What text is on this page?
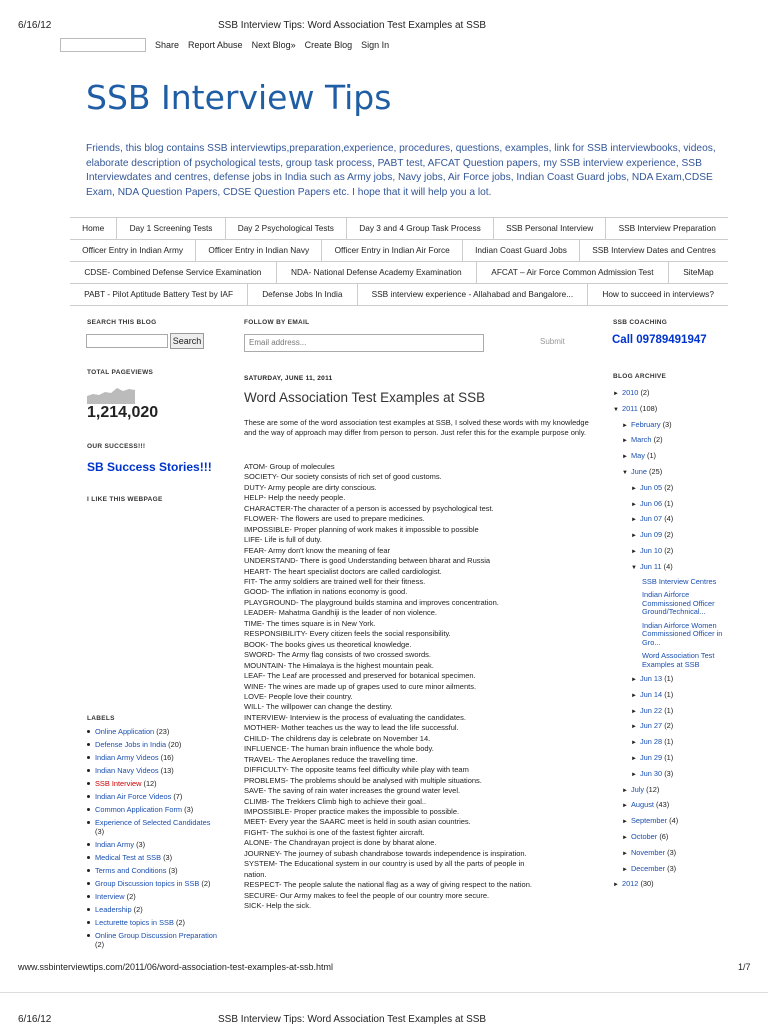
6/16/12	SSB Interview Tips: Word Association Test Examples at SSB
Share Report Abuse Next Blog» Create Blog Sign In
SSB Interview Tips
Friends, this blog contains SSB interviewtips,preparation,experience, procedures, questions, examples, link for SSB interviewbooks, videos, elaborate description of psychological tests, group task process, PABT test, AFCAT Question papers, my SSB interview experience, SSB Interviewdates and centres, defense jobs in India such as Army jobs, Navy jobs, Air Force jobs, Indian Coast Guard jobs, NDA Exam,CDSE Exam, NDA Question Papers, CDSE Question Papers etc. I hope that it will help you a lot.
Home	Day 1 Screening Tests	Day 2 Psychological Tests	Day 3 and 4 Group Task Process	SSB Personal Interview	SSB Interview Preparation
Officer Entry in Indian Army	Officer Entry in Indian Navy	Officer Entry in Indian Air Force	Indian Coast Guard Jobs	SSB Interview Dates and Centres
CDSE- Combined Defense Service Examination	NDA- National Defense Academy Examination	AFCAT – Air Force Common Admission Test	SiteMap
PABT - Pilot Aptitude Battery Test by IAF	Defense Jobs In India	SSB interview experience - Allahabad and Bangalore...	How to succeed in interviews?
SEARCH THIS BLOG
Search
TOTAL PAGEVIEWS
1,214,020
OUR SUCCESS!!!
SB Success Stories!!!
I LIKE THIS WEBPAGE
LABELS
Online Application (23)
Defense Jobs in India (20)
Indian Army Videos (16)
Indian Navy Videos (13)
SSB Interview (12)
Indian Air Force Videos (7)
Common Application Form (3)
Experience of Selected Candidates (3)
Indian Army (3)
Medical Test at SSB (3)
Terms and Conditions (3)
Group Discussion topics in SSB (2)
Interview (2)
Leadership (2)
Lecturette topics in SSB (2)
Online Group Discussion Preparation (2)
FOLLOW BY EMAIL
Email address...	Submit
SATURDAY, JUNE 11, 2011
Word Association Test Examples at SSB
These are some of the word association test examples at SSB, I solved these words with my knowledge and the way of approach may differ from person to person. Just refer this for the example purpose only.
ATOM- Group of molecules
SOCIETY- Our society consists of rich set of good customs.
DUTY- Army people are dirty conscious.
HELP- Help the needy people.
CHARACTER-The character of a person is accessed by psychological test.
FLOWER- The flowers are used to prepare medicines.
IMPOSSIBLE- Proper planning of work makes it impossible to possible
LIFE- Life is full of duty.
FEAR- Army don't know the meaning of fear
UNDERSTAND- There is good Understanding between bharat and Russia
HEART- The heart specialist doctors are called cardiologist.
FIT- The army soldiers are trained well for their fitness.
GOOD- The inflation in nations economy is good.
PLAYGROUND- The playground builds stamina and improves concentration.
LEADER- Mahatma Gandhiji is the leader of non violence.
TIME- The times square is in New York.
RESPONSIBILITY- Every citizen feels the social responsibility.
BOOK- The books gives us theoretical knowledge.
SWORD- The Army flag consists of two crossed swords.
MOUNTAIN- The Himalaya is the highest mountain peak.
LEAF- The Leaf are processed and preserved for botanical specimen.
WINE- The wines are made up of grapes used to cure minor ailments.
LOVE- People love their country.
WILL- The willpower can change the destiny.
INTERVIEW- Interview is the process of evaluating the candidates.
MOTHER- Mother teaches us the way to lead the life successful.
CHILD- The childrens day is celebrate on November 14.
INFLUENCE- The human brain influence the whole body.
TRAVEL- The Aeroplanes reduce the travelling time.
DIFFICULTY- The opposite teams feel difficulty while play with team
PROBLEMS- The problems should be analysed with multiple situations.
SAVE- The saving of rain water increases the ground water level.
CLIMB- The Trekkers Climb high to achieve their goal..
IMPOSSIBLE- Proper practice makes the impossible to possible.
MEET- Every year the SAARC meet is held in south asian countries.
FIGHT- The sukhoi is one of the fastest fighter aircraft.
ALONE- The Chandrayan project is done by bharat alone.
JOURNEY- The journey of subash chandrabose towards independence is inspiration.
SYSTEM- The Educational system in our country is used by all the parts of people in
nation.
RESPECT- The people salute the national flag as a way of giving respect to the nation.
SECURE- Our Army makes to feel the people of our country more secure.
SICK- Help the sick.
SSB COACHING
Call 09789491947
BLOG ARCHIVE
► 2010 (2)
▼ 2011 (108)
► February (3)
► March (2)
► May (1)
▼ June (25)
► Jun 05 (2)
► Jun 06 (1)
► Jun 07 (4)
► Jun 09 (2)
► Jun 10 (2)
▼ Jun 11 (4)
SSB Interview Centres
Indian Airforce Commissioned Officer Ground/Technical...
Indian Airforce Women Commissioned Officer in Gro...
Word Association Test Examples at SSB
► Jun 13 (1)
► Jun 14 (1)
► Jun 22 (1)
► Jun 27 (2)
► Jun 28 (1)
► Jun 29 (1)
► Jun 30 (3)
► July (12)
► August (43)
► September (4)
► October (6)
► November (3)
► December (3)
► 2012 (30)
www.ssbinterviewtips.com/2011/06/word-association-test-examples-at-ssb.html	1/7
6/16/12	SSB Interview Tips: Word Association Test Examples at SSB
